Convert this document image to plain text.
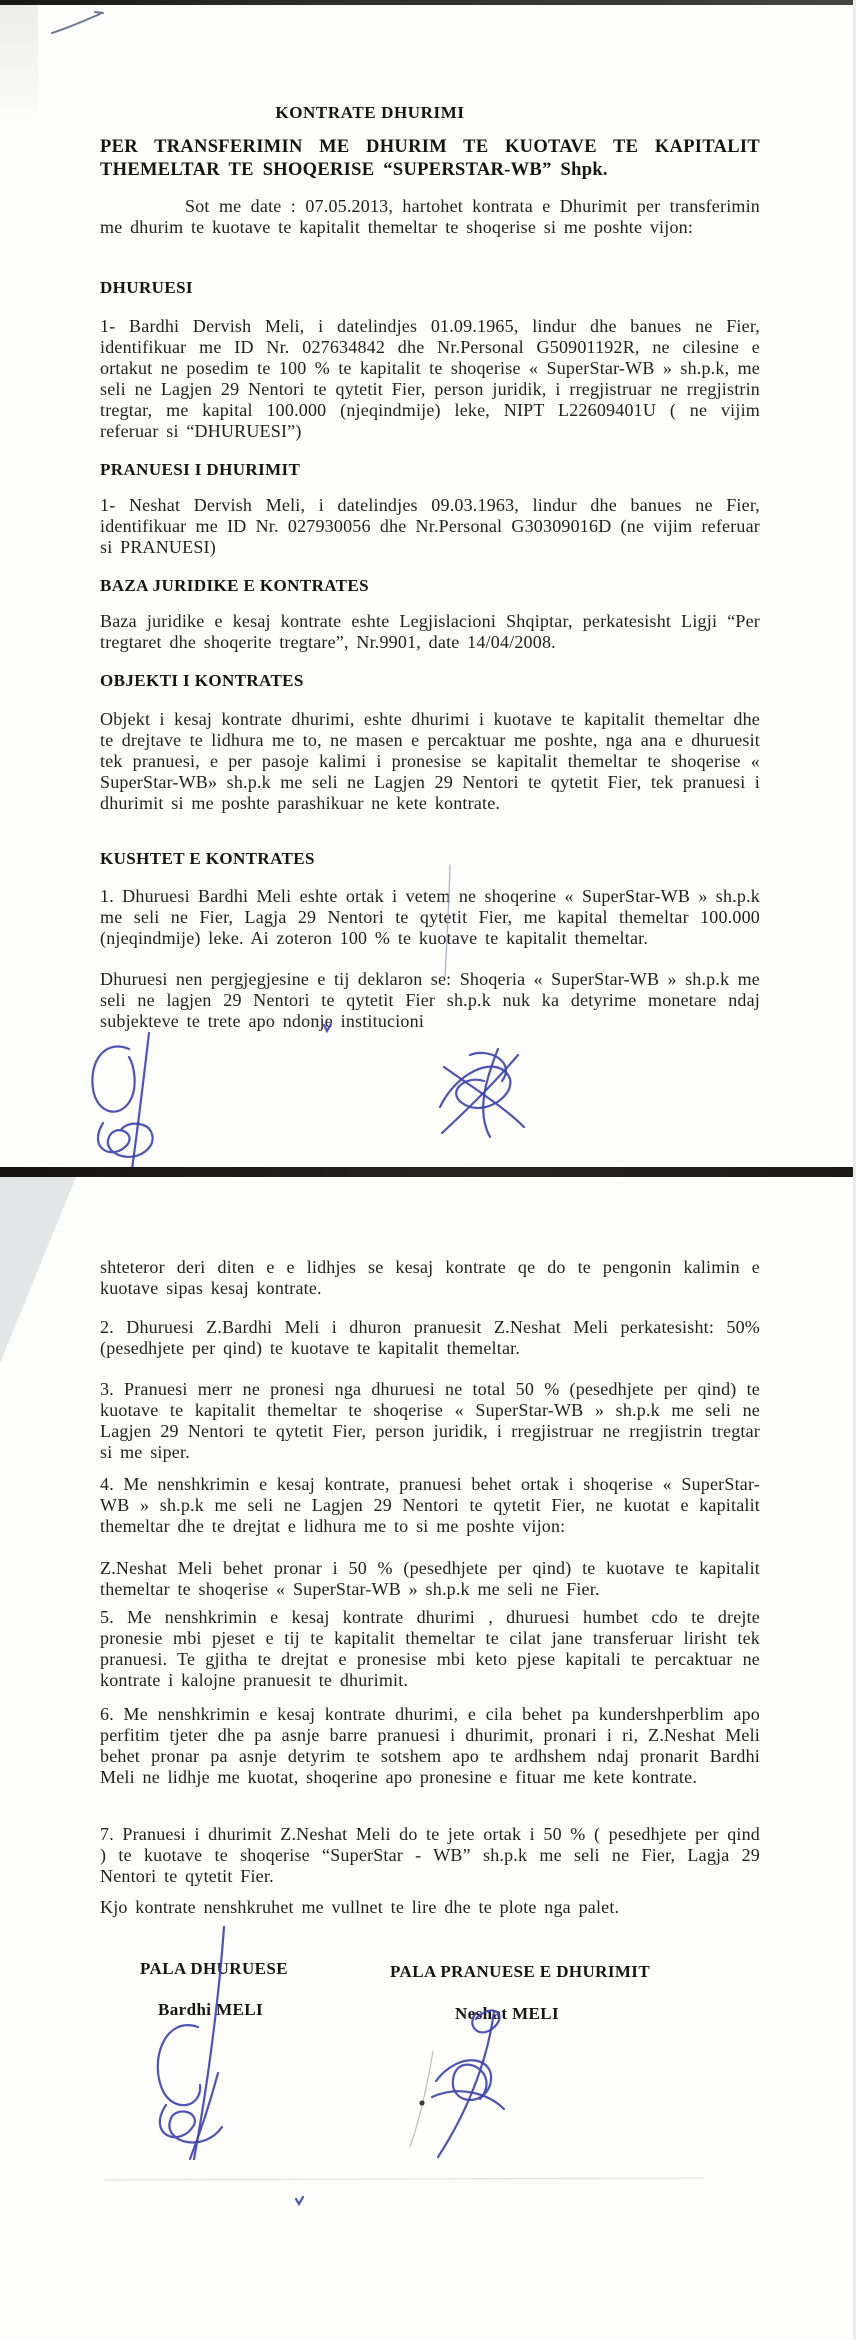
KONTRATE DHURIMI
PER TRANSFERIMIN ME DHURIM TE KUOTAVE TE KAPITALIT THEMELTAR TE SHOQERISE “SUPERSTAR-WB” Shpk.
Sot me date : 07.05.2013, hartohet kontrata e Dhurimit per transferimin me dhurim te kuotave te kapitalit themeltar te shoqerise si me poshte vijon:
DHURUESI
1- Bardhi Dervish Meli, i datelindjes 01.09.1965, lindur dhe banues ne Fier, identifikuar me ID Nr. 027634842 dhe Nr.Personal G50901192R, ne cilesine e ortakut ne posedim te 100 % te kapitalit te shoqerise « SuperStar-WB » sh.p.k, me seli ne Lagjen 29 Nentori te qytetit Fier, person juridik, i rregjistruar ne rregjistrin tregtar, me kapital 100.000 (njeqindmije) leke, NIPT L22609401U ( ne vijim referuar si “DHURUESI”)
PRANUESI I DHURIMIT
1- Neshat Dervish Meli, i datelindjes 09.03.1963, lindur dhe banues ne Fier, identifikuar me ID Nr. 027930056 dhe Nr.Personal G30309016D (ne vijim referuar si PRANUESI)
BAZA JURIDIKE E KONTRATES
Baza juridike e kesaj kontrate eshte Legjislacioni Shqiptar, perkatesisht Ligji “Per tregtaret dhe shoqerite tregtare”, Nr.9901, date 14/04/2008.
OBJEKTI I KONTRATES
Objekt i kesaj kontrate dhurimi, eshte dhurimi i kuotave te kapitalit themeltar dhe te drejtave te lidhura me to, ne masen e percaktuar me poshte, nga ana e dhuruesit tek pranuesi, e per pasoje kalimi i pronesise se kapitalit themeltar te shoqerise « SuperStar-WB» sh.p.k me seli ne Lagjen 29 Nentori te qytetit Fier, tek pranuesi i dhurimit si me poshte parashikuar ne kete kontrate.
KUSHTET E KONTRATES
1. Dhuruesi Bardhi Meli eshte ortak i vetem ne shoqerine « SuperStar-WB » sh.p.k me seli ne Fier, Lagja 29 Nentori te qytetit Fier, me kapital themeltar 100.000 (njeqindmije) leke. Ai zoteron 100 % te kuotave te kapitalit themeltar.
Dhuruesi nen pergjegjesine e tij deklaron se: Shoqeria « SuperStar-WB » sh.p.k me seli ne lagjen 29 Nentori te qytetit Fier sh.p.k nuk ka detyrime monetare ndaj subjekteve te trete apo ndonje institucioni
shteteror deri diten e e lidhjes se kesaj kontrate qe do te pengonin kalimin e kuotave sipas kesaj kontrate.
2. Dhuruesi Z.Bardhi Meli i dhuron pranuesit Z.Neshat Meli perkatesisht: 50% (pesedhjete per qind) te kuotave te kapitalit themeltar.
3. Pranuesi merr ne pronesi nga dhuruesi ne total 50 % (pesedhjete per qind) te kuotave te kapitalit themeltar te shoqerise « SuperStar-WB » sh.p.k me seli ne Lagjen 29 Nentori te qytetit Fier, person juridik, i rregjistruar ne rregjistrin tregtar si me siper.
4. Me nenshkrimin e kesaj kontrate, pranuesi behet ortak i shoqerise « SuperStar-WB » sh.p.k me seli ne Lagjen 29 Nentori te qytetit Fier, ne kuotat e kapitalit themeltar dhe te drejtat e lidhura me to si me poshte vijon:
Z.Neshat Meli behet pronar i 50 % (pesedhjete per qind) te kuotave te kapitalit themeltar te shoqerise « SuperStar-WB » sh.p.k me seli ne Fier.
5. Me nenshkrimin e kesaj kontrate dhurimi , dhuruesi humbet cdo te drejte pronesie mbi pjeset e tij te kapitalit themeltar te cilat jane transferuar lirisht tek pranuesi. Te gjitha te drejtat e pronesise mbi keto pjese kapitali te percaktuar ne kontrate i kalojne pranuesit te dhurimit.
6. Me nenshkrimin e kesaj kontrate dhurimi, e cila behet pa kundershperblim apo perfitim tjeter dhe pa asnje barre pranuesi i dhurimit, pronari i ri, Z.Neshat Meli behet pronar pa asnje detyrim te sotshem apo te ardhshem ndaj pronarit Bardhi Meli ne lidhje me kuotat, shoqerine apo pronesine e fituar me kete kontrate.
7. Pranuesi i dhurimit Z.Neshat Meli do te jete ortak i 50 % ( pesedhjete per qind ) te kuotave te shoqerise “SuperStar - WB” sh.p.k me seli ne Fier, Lagja 29 Nentori te qytetit Fier.
Kjo kontrate nenshkruhet me vullnet te lire dhe te plote nga palet.
PALA DHURUESE	PALA PRANUESE E DHURIMIT
Bardhi MELI	Neshat MELI
